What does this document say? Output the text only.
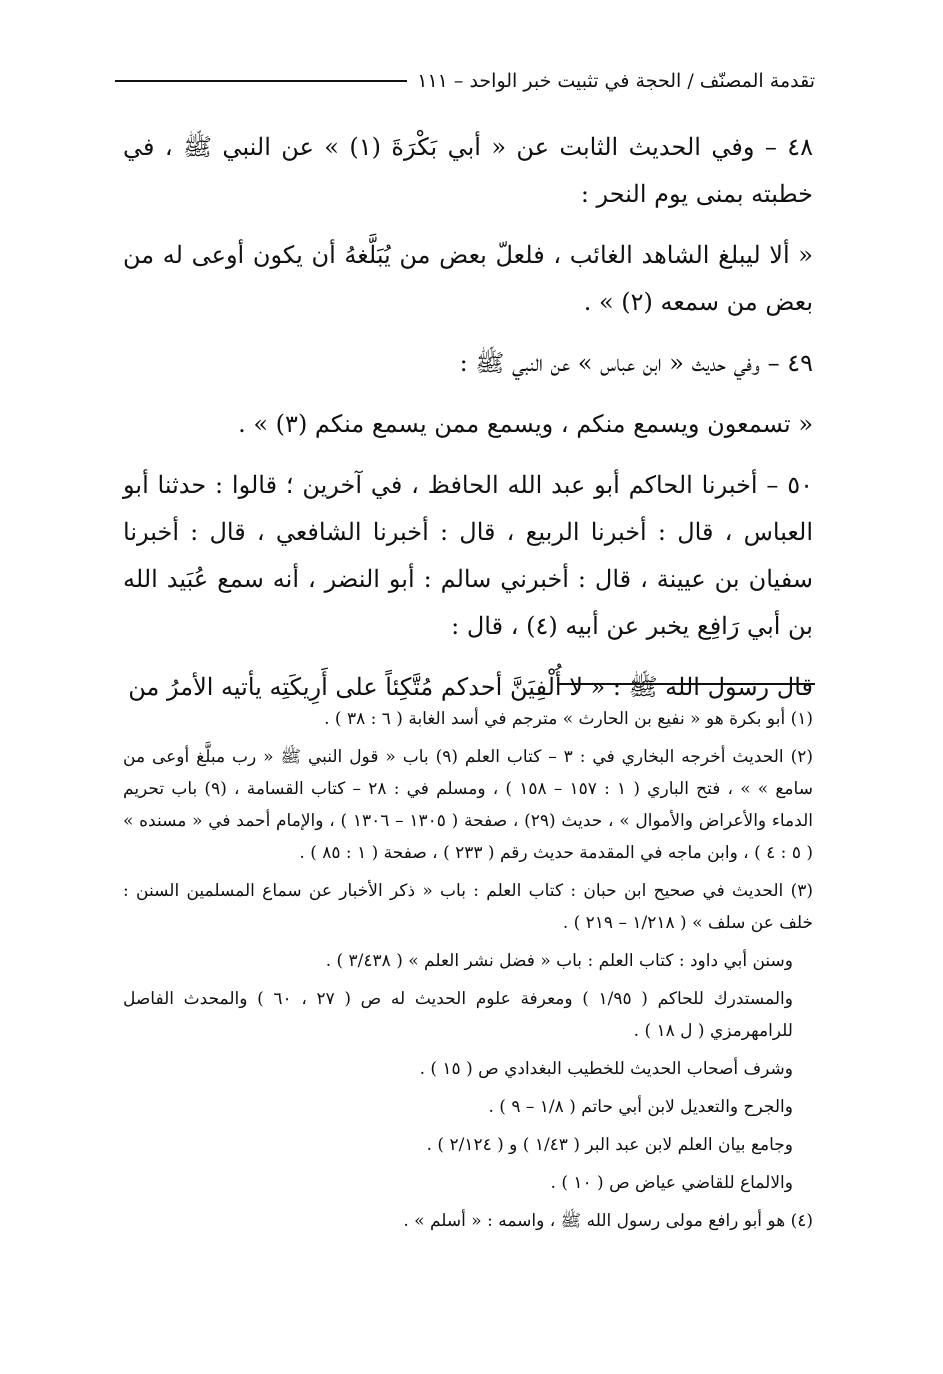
تقدمة المصنّف / الحجة في تثبيت خبر الواحد – ١١١

٤٨ – وفي الحديث الثابت عن « أبي بَكْرَةَ (١) » عن النبي ﷺ ، في خطبته بمنى يوم النحر :

« ألا ليبلغ الشاهد الغائب ، فلعلّ بعض من يُبَلَّغهُ أن يكون أوعى له من بعض من سمعه (٢) » .

٤٩ – وفي حديث « ابن عباس » عن النبي ﷺ :

« تسمعون ويسمع منكم ، ويسمع ممن يسمع منكم (٣) » .

٥٠ – أخبرنا الحاكم أبو عبد الله الحافظ ، في آخرين ؛ قالوا : حدثنا أبو العباس ، قال : أخبرنا الربيع ، قال : أخبرنا الشافعي ، قال : أخبرنا سفيان بن عيينة ، قال : أخبرني سالم : أبو النضر ، أنه سمع عُبَيد الله بن أبي رَافِع يخبر عن أبيه (٤) ، قال :

قال رسول الله ﷺ : « لا أُلْفِيَنَّ أحدكم مُتَّكِئاً على أَرِيكَتِه يأتيه الأمرُ من

(١) أبو بكرة هو « نفيع بن الحارث » مترجم في أسد الغابة ( ٦ : ٣٨ ) .

(٢) الحديث أخرجه البخاري في : ٣ – كتاب العلم (٩) باب « قول النبي ﷺ « رب مبلَّغ أوعى من سامع » » ، فتح الباري ( ١ : ١٥٧ – ١٥٨ ) ، ومسلم في : ٢٨ – كتاب القسامة ، (٩) باب تحريم الدماء والأعراض والأموال » ، حديث (٢٩) ، صفحة ( ١٣٠٥ – ١٣٠٦ ) ، والإمام أحمد في « مسنده » ( ٥ : ٤ ) ، وابن ماجه في المقدمة حديث رقم ( ٢٣٣ ) ، صفحة ( ١ : ٨٥ ) .

(٣) الحديث في صحيح ابن حبان : كتاب العلم : باب « ذكر الأخبار عن سماع المسلمين السنن : خلف عن سلف » ( ١/٢١٨ – ٢١٩ ) .

وسنن أبي داود : كتاب العلم : باب « فضل نشر العلم » ( ٣/٤٣٨ ) .

والمستدرك للحاكم ( ١/٩٥ ) ومعرفة علوم الحديث له ص ( ٢٧ ، ٦٠ ) والمحدث الفاصل للرامهرمزي ( ل ١٨ ) .

وشرف أصحاب الحديث للخطيب البغدادي ص ( ١٥ ) .

والجرح والتعديل لابن أبي حاتم ( ١/٨ – ٩ ) .

وجامع بيان العلم لابن عبد البر ( ١/٤٣ ) و ( ٢/١٢٤ ) .

والالماع للقاضي عياض ص ( ١٠ ) .

(٤) هو أبو رافع مولى رسول الله ﷺ ، واسمه : « أسلم » .
